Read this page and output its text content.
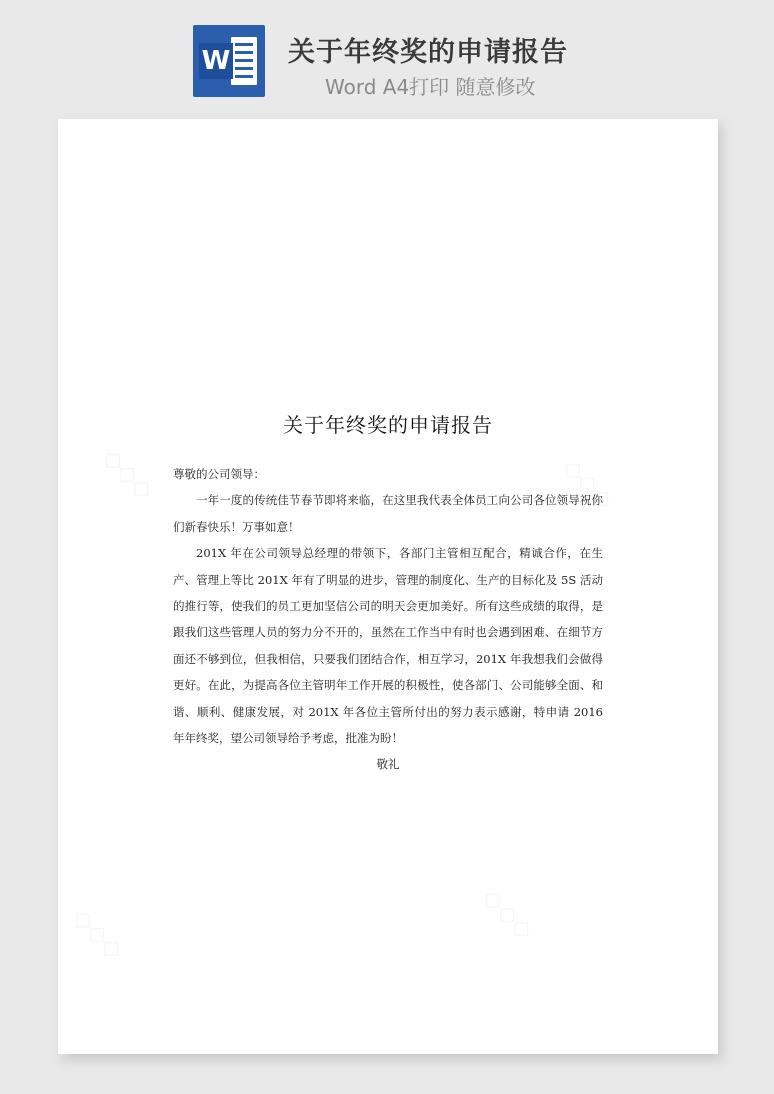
W 关于年终奖的申请报告
Word A4打印 随意修改
关于年终奖的申请报告

尊敬的公司领导：

一年一度的传统佳节春节即将来临，在这里我代表全体员工向公司各位领导祝你们新春快乐！万事如意！

201X 年在公司领导总经理的带领下，各部门主管相互配合，精诚合作，在生产、管理上等比 201X 年有了明显的进步，管理的制度化、生产的目标化及 5S 活动的推行等，使我们的员工更加坚信公司的明天会更加美好。所有这些成绩的取得，是跟我们这些管理人员的努力分不开的，虽然在工作当中有时也会遇到困难、在细节方面还不够到位，但我相信，只要我们团结合作，相互学习，201X 年我想我们会做得更好。在此，为提高各位主管明年工作开展的积极性，使各部门、公司能够全面、和谐、顺利、健康发展，对 201X 年各位主管所付出的努力表示感谢，特申请 2016 年年终奖，望公司领导给予考虑，批准为盼！

敬礼
